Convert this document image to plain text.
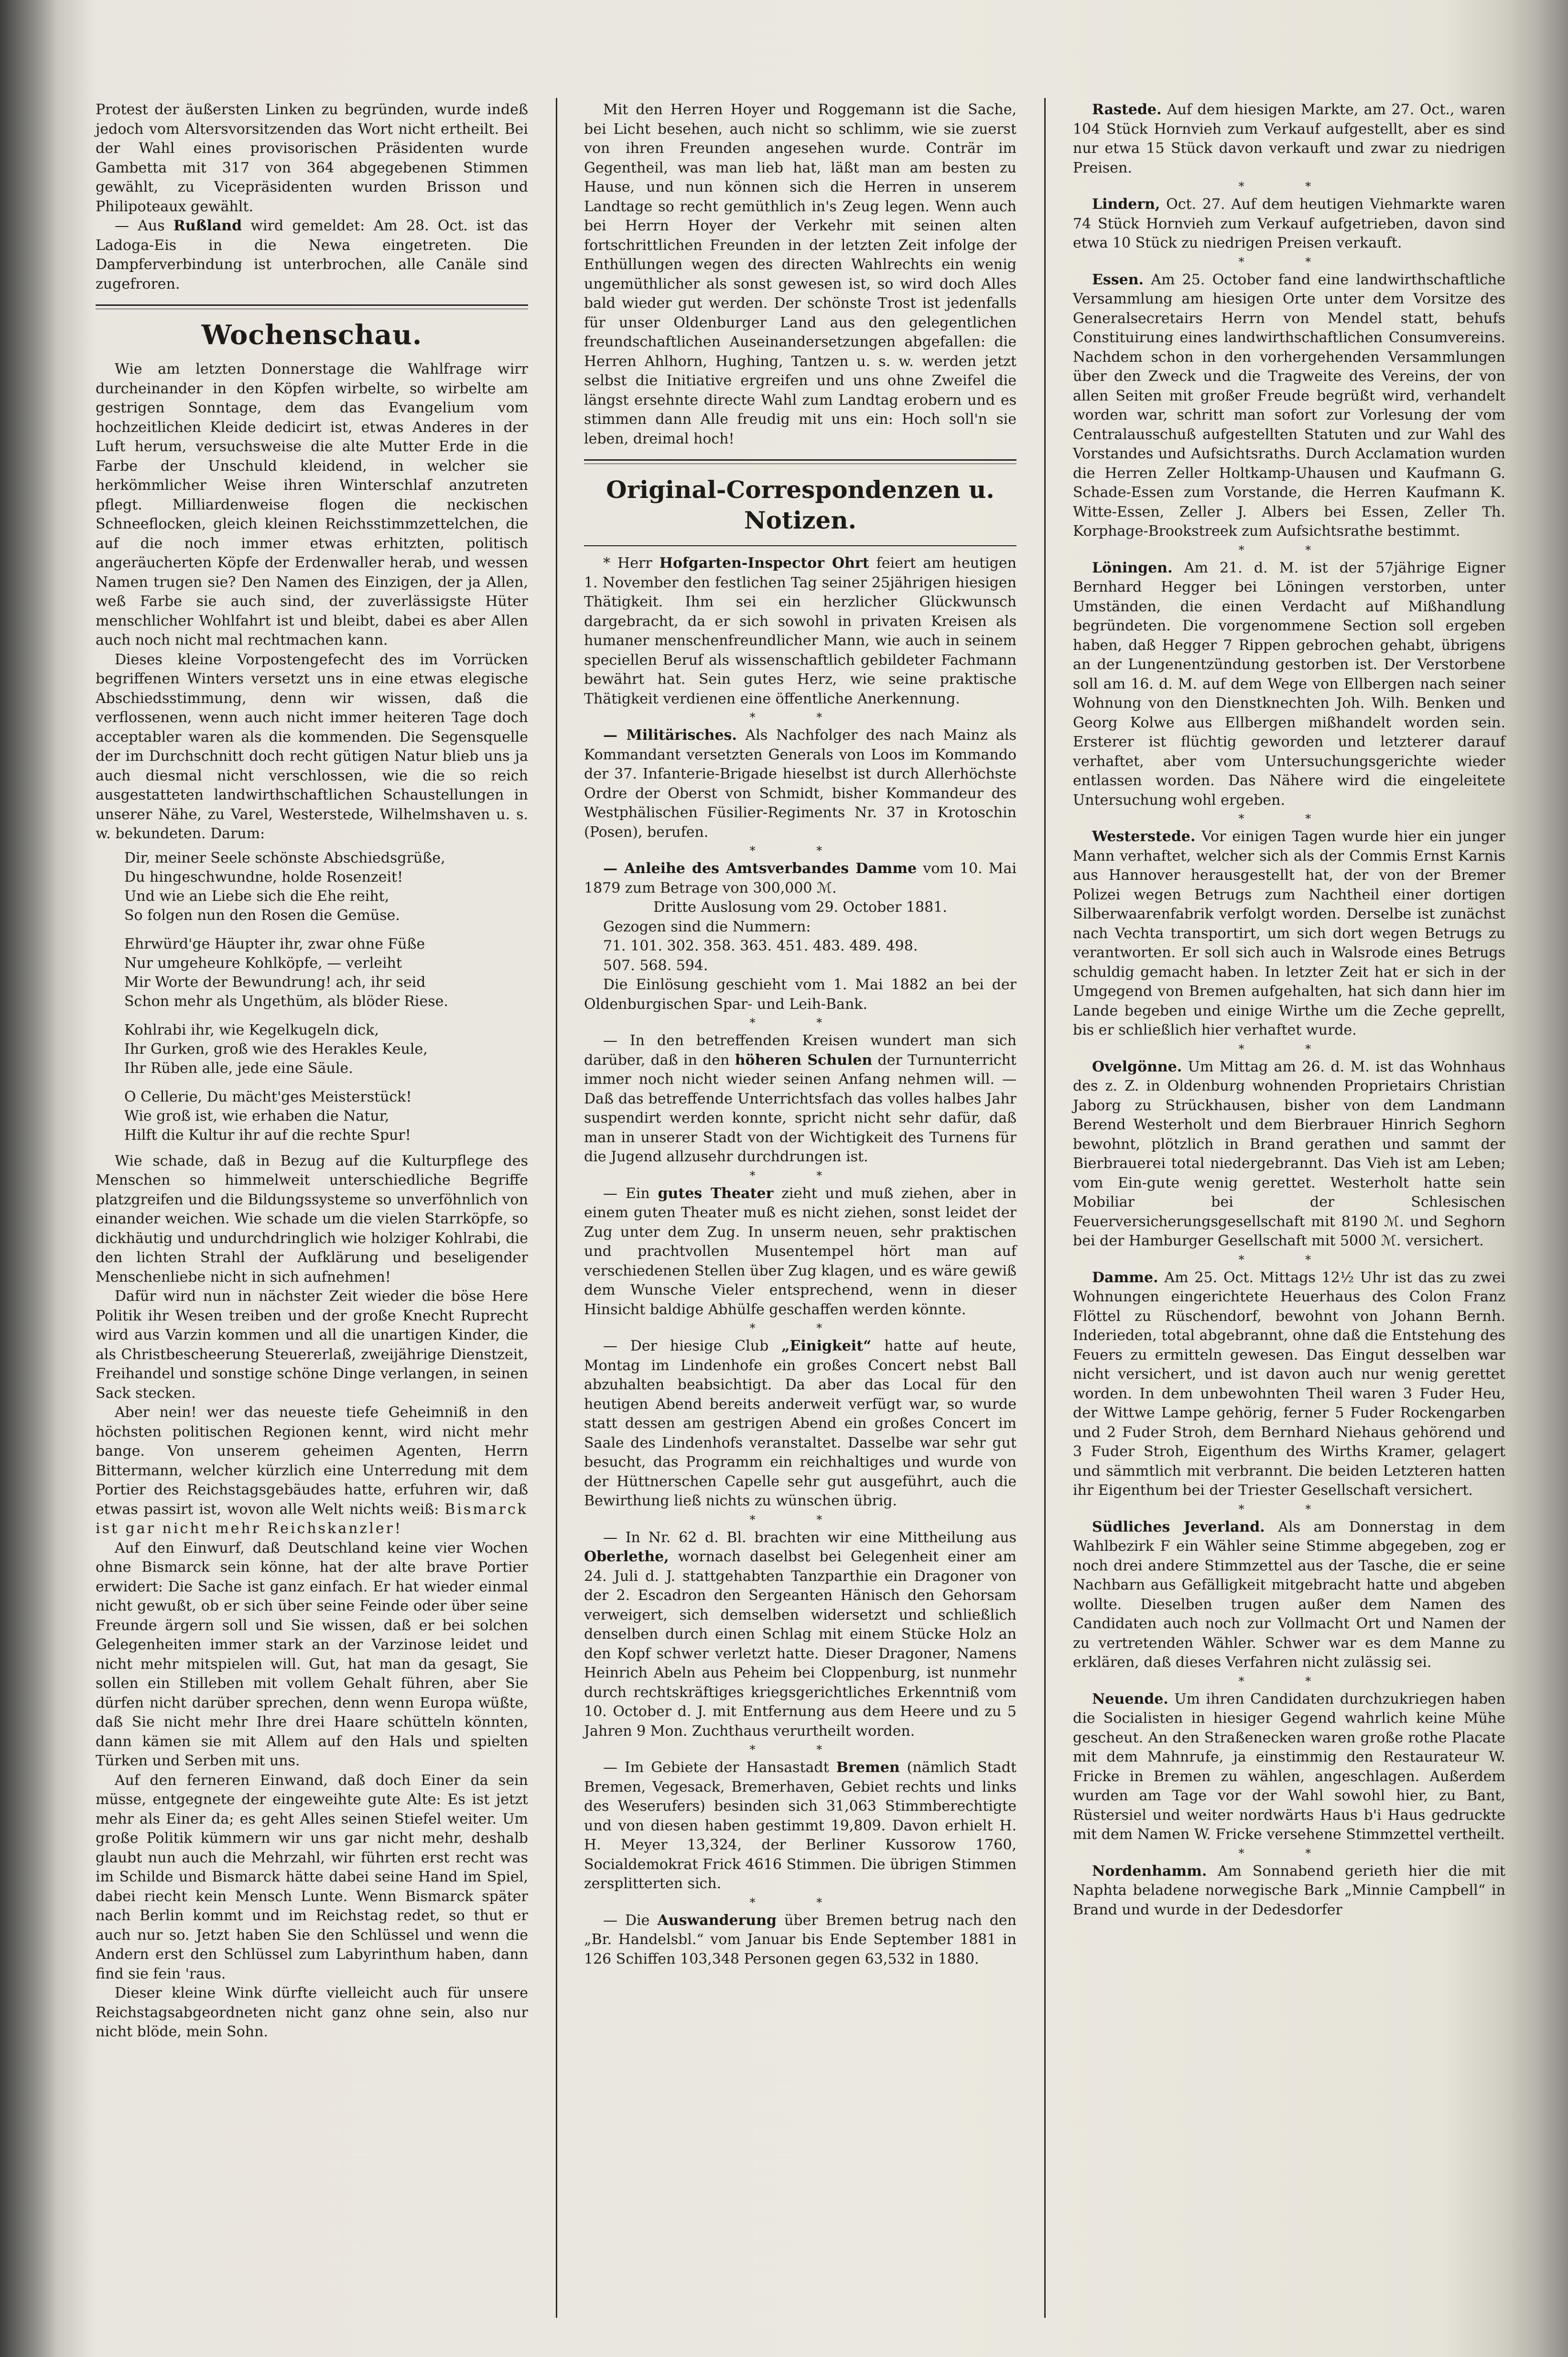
Protest der äußersten Linken zu begründen, wurde indeß jedoch vom Altersvorsitzenden das Wort nicht ertheilt. Bei der Wahl eines provisorischen Präsidenten wurde Gambetta mit 317 von 364 abgegebenen Stimmen gewählt, zu Vicepräsidenten wurden Brisson und Philipoteaux gewählt.

— Aus Rußland wird gemeldet: Am 28. Oct. ist das Ladoga-Eis in die Newa eingetreten. Die Dampferverbindung ist unterbrochen, alle Canäle sind zugefroren.

Wochenschau.

Wie am letzten Donnerstage die Wahlfrage wirr durcheinander in den Köpfen wirbelte, so wirbelte am gestrigen Sonntage, dem das Evangelium vom hochzeitlichen Kleide dedicirt ist, etwas Anderes in der Luft herum, versuchsweise die alte Mutter Erde in die Farbe der Unschuld kleidend, in welcher sie herkömmlicher Weise ihren Winterschlaf anzutreten pflegt. Milliardenweise flogen die neckischen Schneeflocken, gleich kleinen Reichsstimmzettelchen, die auf die noch immer etwas erhitzten, politisch angeräucherten Köpfe der Erdenwaller herab, und wessen Namen trugen sie? Den Namen des Einzigen, der ja Allen, weß Farbe sie auch sind, der zuverlässigste Hüter menschlicher Wohlfahrt ist und bleibt, dabei es aber Allen auch noch nicht mal rechtmachen kann.

Dieses kleine Vorpostengefecht des im Vorrücken begriffenen Winters versetzt uns in eine etwas elegische Abschiedsstimmung, denn wir wissen, daß die verflossenen, wenn auch nicht immer heiteren Tage doch acceptabler waren als die kommenden. Die Segensquelle der im Durchschnitt doch recht gütigen Natur blieb uns ja auch diesmal nicht verschlossen, wie die so reich ausgestatteten landwirthschaftlichen Schaustellungen in unserer Nähe, zu Varel, Westerstede, Wilhelmshaven u. s. w. bekundeten. Darum:

Dir, meiner Seele schönste Abschiedsgrüße,
Du hingeschwundne, holde Rosenzeit!
Und wie an Liebe sich die Ehe reiht,
So folgen nun den Rosen die Gemüse.
Ehrwürd'ge Häupter ihr, zwar ohne Füße
Nur umgeheure Kohlköpfe, — verleiht
Mir Worte der Bewundrung! ach, ihr seid
Schon mehr als Ungethüm, als blöder Riese.
Kohlrabi ihr, wie Kegelkugeln dick,
Ihr Gurken, groß wie des Herakles Keule,
Ihr Rüben alle, jede eine Säule.
O Cellerie, Du mächt'ges Meisterstück!
Wie groß ist, wie erhaben die Natur,
Hilft die Kultur ihr auf die rechte Spur!

Wie schade, daß in Bezug auf die Kulturpflege des Menschen so himmelweit unterschiedliche Begriffe platzgreifen und die Bildungssysteme so unverföhnlich von einander weichen. Wie schade um die vielen Starrköpfe, so dickhäutig und undurchdringlich wie holziger Kohlrabi, die den lichten Strahl der Aufklärung und beseligender Menschenliebe nicht in sich aufnehmen!

Dafür wird nun in nächster Zeit wieder die böse Here Politik ihr Wesen treiben und der große Knecht Ruprecht wird aus Varzin kommen und all die unartigen Kinder, die als Christbescheerung Steuererlaß, zweijährige Dienstzeit, Freihandel und sonstige schöne Dinge verlangen, in seinen Sack stecken.

Aber nein! wer das neueste tiefe Geheimniß in den höchsten politischen Regionen kennt, wird nicht mehr bange. Von unserem geheimen Agenten, Herrn Bittermann, welcher kürzlich eine Unterredung mit dem Portier des Reichstagsgebäudes hatte, erfuhren wir, daß etwas passirt ist, wovon alle Welt nichts weiß: Bismarck ist gar nicht mehr Reichskanzler!

Auf den Einwurf, daß Deutschland keine vier Wochen ohne Bismarck sein könne, hat der alte brave Portier erwidert: Die Sache ist ganz einfach. Er hat wieder einmal nicht gewußt, ob er sich über seine Feinde oder über seine Freunde ärgern soll und Sie wissen, daß er bei solchen Gelegenheiten immer stark an der Varzinose leidet und nicht mehr mitspielen will. Gut, hat man da gesagt, Sie sollen ein Stilleben mit vollem Gehalt führen, aber Sie dürfen nicht darüber sprechen, denn wenn Europa wüßte, daß Sie nicht mehr Ihre drei Haare schütteln könnten, dann kämen sie mit Allem auf den Hals und spielten Türken und Serben mit uns.

Auf den ferneren Einwand, daß doch Einer da sein müsse, entgegnete der eingeweihte gute Alte: Es ist jetzt mehr als Einer da; es geht Alles seinen Stiefel weiter. Um große Politik kümmern wir uns gar nicht mehr, deshalb glaubt nun auch die Mehrzahl, wir führten erst recht was im Schilde und Bismarck hätte dabei seine Hand im Spiel, dabei riecht kein Mensch Lunte. Wenn Bismarck später nach Berlin kommt und im Reichstag redet, so thut er auch nur so. Jetzt haben Sie den Schlüssel und wenn die Andern erst den Schlüssel zum Labyrinthum haben, dann find sie fein 'raus.

Dieser kleine Wink dürfte vielleicht auch für unsere Reichstagsabgeordneten nicht ganz ohne sein, also nur nicht blöde, mein Sohn.

Mit den Herren Hoyer und Roggemann ist die Sache, bei Licht besehen, auch nicht so schlimm, wie sie zuerst von ihren Freunden angesehen wurde. Conträr im Gegentheil, was man lieb hat, läßt man am besten zu Hause, und nun können sich die Herren in unserem Landtage so recht gemüthlich in's Zeug legen. Wenn auch bei Herrn Hoyer der Verkehr mit seinen alten fortschrittlichen Freunden in der letzten Zeit infolge der Enthüllungen wegen des directen Wahlrechts ein wenig ungemüthlicher als sonst gewesen ist, so wird doch Alles bald wieder gut werden. Der schönste Trost ist jedenfalls für unser Oldenburger Land aus den gelegentlichen freundschaftlichen Auseinandersetzungen abgefallen: die Herren Ahlhorn, Hughing, Tantzen u. s. w. werden jetzt selbst die Initiative ergreifen und uns ohne Zweifel die längst ersehnte directe Wahl zum Landtag erobern und es stimmen dann Alle freudig mit uns ein: Hoch soll'n sie leben, dreimal hoch!

Original-Correspondenzen u. Notizen.

* Herr Hofgarten-Inspector Ohrt feiert am heutigen 1. November den festlichen Tag seiner 25jährigen hiesigen Thätigkeit. Ihm sei ein herzlicher Glückwunsch dargebracht, da er sich sowohl in privaten Kreisen als humaner menschenfreundlicher Mann, wie auch in seinem speciellen Beruf als wissenschaftlich gebildeter Fachmann bewährt hat. Sein gutes Herz, wie seine praktische Thätigkeit verdienen eine öffentliche Anerkennung.

* *

— Militärisches. Als Nachfolger des nach Mainz als Kommandant versetzten Generals von Loos im Kommando der 37. Infanterie-Brigade hieselbst ist durch Allerhöchste Ordre der Oberst von Schmidt, bisher Kommandeur des Westphälischen Füsilier-Regiments Nr. 37 in Krotoschin (Posen), berufen.

* *

— Anleihe des Amtsverbandes Damme vom 10. Mai 1879 zum Betrage von 300,000 ℳ.

Dritte Auslosung vom 29. October 1881.

Gezogen sind die Nummern:

71. 101. 302. 358. 363. 451. 483. 489. 498.

507. 568. 594.

Die Einlösung geschieht vom 1. Mai 1882 an bei der Oldenburgischen Spar- und Leih-Bank.

* *

— In den betreffenden Kreisen wundert man sich darüber, daß in den höheren Schulen der Turnunterricht immer noch nicht wieder seinen Anfang nehmen will. — Daß das betreffende Unterrichtsfach das volles halbes Jahr suspendirt werden konnte, spricht nicht sehr dafür, daß man in unserer Stadt von der Wichtigkeit des Turnens für die Jugend allzusehr durchdrungen ist.

* *

— Ein gutes Theater zieht und muß ziehen, aber in einem guten Theater muß es nicht ziehen, sonst leidet der Zug unter dem Zug. In unserm neuen, sehr praktischen und prachtvollen Musentempel hört man auf verschiedenen Stellen über Zug klagen, und es wäre gewiß dem Wunsche Vieler entsprechend, wenn in dieser Hinsicht baldige Abhülfe geschaffen werden könnte.

* *

— Der hiesige Club „Einigkeit“ hatte auf heute, Montag im Lindenhofe ein großes Concert nebst Ball abzuhalten beabsichtigt. Da aber das Local für den heutigen Abend bereits anderweit verfügt war, so wurde statt dessen am gestrigen Abend ein großes Concert im Saale des Lindenhofs veranstaltet. Dasselbe war sehr gut besucht, das Programm ein reichhaltiges und wurde von der Hüttnerschen Capelle sehr gut ausgeführt, auch die Bewirthung ließ nichts zu wünschen übrig.

* *

— In Nr. 62 d. Bl. brachten wir eine Mittheilung aus Oberlethe, wornach daselbst bei Gelegenheit einer am 24. Juli d. J. stattgehabten Tanzparthie ein Dragoner von der 2. Escadron den Sergeanten Hänisch den Gehorsam verweigert, sich demselben widersetzt und schließlich denselben durch einen Schlag mit einem Stücke Holz an den Kopf schwer verletzt hatte. Dieser Dragoner, Namens Heinrich Abeln aus Peheim bei Cloppenburg, ist nunmehr durch rechtskräftiges kriegsgerichtliches Erkenntniß vom 10. October d. J. mit Entfernung aus dem Heere und zu 5 Jahren 9 Mon. Zuchthaus verurtheilt worden.

* *

— Im Gebiete der Hansastadt Bremen (nämlich Stadt Bremen, Vegesack, Bremerhaven, Gebiet rechts und links des Weserufers) besinden sich 31,063 Stimmberechtigte und von diesen haben gestimmt 19,809. Davon erhielt H. H. Meyer 13,324, der Berliner Kussorow 1760, Socialdemokrat Frick 4616 Stimmen. Die übrigen Stimmen zersplitterten sich.

* *

— Die Auswanderung über Bremen betrug nach den „Br. Handelsbl.“ vom Januar bis Ende September 1881 in 126 Schiffen 103,348 Personen gegen 63,532 in 1880.

Rastede. Auf dem hiesigen Markte, am 27. Oct., waren 104 Stück Hornvieh zum Verkauf aufgestellt, aber es sind nur etwa 15 Stück davon verkauft und zwar zu niedrigen Preisen.

* *

Lindern, Oct. 27. Auf dem heutigen Viehmarkte waren 74 Stück Hornvieh zum Verkauf aufgetrieben, davon sind etwa 10 Stück zu niedrigen Preisen verkauft.

* *

Essen. Am 25. October fand eine landwirthschaftliche Versammlung am hiesigen Orte unter dem Vorsitze des Generalsecretairs Herrn von Mendel statt, behufs Constituirung eines landwirthschaftlichen Consumvereins. Nachdem schon in den vorhergehenden Versammlungen über den Zweck und die Tragweite des Vereins, der von allen Seiten mit großer Freude begrüßt wird, verhandelt worden war, schritt man sofort zur Vorlesung der vom Centralausschuß aufgestellten Statuten und zur Wahl des Vorstandes und Aufsichtsraths. Durch Acclamation wurden die Herren Zeller Holtkamp-Uhausen und Kaufmann G. Schade-Essen zum Vorstande, die Herren Kaufmann K. Witte-Essen, Zeller J. Albers bei Essen, Zeller Th. Korphage-Brookstreek zum Aufsichtsrathe bestimmt.

* *

Löningen. Am 21. d. M. ist der 57jährige Eigner Bernhard Hegger bei Löningen verstorben, unter Umständen, die einen Verdacht auf Mißhandlung begründeten. Die vorgenommene Section soll ergeben haben, daß Hegger 7 Rippen gebrochen gehabt, übrigens an der Lungenentzündung gestorben ist. Der Verstorbene soll am 16. d. M. auf dem Wege von Ellbergen nach seiner Wohnung von den Dienstknechten Joh. Wilh. Benken und Georg Kolwe aus Ellbergen mißhandelt worden sein. Ersterer ist flüchtig geworden und letzterer darauf verhaftet, aber vom Untersuchungsgerichte wieder entlassen worden. Das Nähere wird die eingeleitete Untersuchung wohl ergeben.

* *

Westerstede. Vor einigen Tagen wurde hier ein junger Mann verhaftet, welcher sich als der Commis Ernst Karnis aus Hannover herausgestellt hat, der von der Bremer Polizei wegen Betrugs zum Nachtheil einer dortigen Silberwaarenfabrik verfolgt worden. Derselbe ist zunächst nach Vechta transportirt, um sich dort wegen Betrugs zu verantworten. Er soll sich auch in Walsrode eines Betrugs schuldig gemacht haben. In letzter Zeit hat er sich in der Umgegend von Bremen aufgehalten, hat sich dann hier im Lande begeben und einige Wirthe um die Zeche geprellt, bis er schließlich hier verhaftet wurde.

* *

Ovelgönne. Um Mittag am 26. d. M. ist das Wohnhaus des z. Z. in Oldenburg wohnenden Proprietairs Christian Jaborg zu Strückhausen, bisher von dem Landmann Berend Westerholt und dem Bierbrauer Hinrich Seghorn bewohnt, plötzlich in Brand gerathen und sammt der Bierbrauerei total niedergebrannt. Das Vieh ist am Leben; vom Ein-gute wenig gerettet. Westerholt hatte sein Mobiliar bei der Schlesischen Feuerversicherungsgesellschaft mit 8190 ℳ. und Seghorn bei der Hamburger Gesellschaft mit 5000 ℳ. versichert.

* *

Damme. Am 25. Oct. Mittags 12½ Uhr ist das zu zwei Wohnungen eingerichtete Heuerhaus des Colon Franz Flöttel zu Rüschendorf, bewohnt von Johann Bernh. Inderieden, total abgebrannt, ohne daß die Entstehung des Feuers zu ermitteln gewesen. Das Eingut desselben war nicht versichert, und ist davon auch nur wenig gerettet worden. In dem unbewohnten Theil waren 3 Fuder Heu, der Wittwe Lampe gehörig, ferner 5 Fuder Rockengarben und 2 Fuder Stroh, dem Bernhard Niehaus gehörend und 3 Fuder Stroh, Eigenthum des Wirths Kramer, gelagert und sämmtlich mit verbrannt. Die beiden Letzteren hatten ihr Eigenthum bei der Triester Gesellschaft versichert.

* *

Südliches Jeverland. Als am Donnerstag in dem Wahlbezirk F ein Wähler seine Stimme abgegeben, zog er noch drei andere Stimmzettel aus der Tasche, die er seine Nachbarn aus Gefälligkeit mitgebracht hatte und abgeben wollte. Dieselben trugen außer dem Namen des Candidaten auch noch zur Vollmacht Ort und Namen der zu vertretenden Wähler. Schwer war es dem Manne zu erklären, daß dieses Verfahren nicht zulässig sei.

* *

Neuende. Um ihren Candidaten durchzukriegen haben die Socialisten in hiesiger Gegend wahrlich keine Mühe gescheut. An den Straßenecken waren große rothe Placate mit dem Mahnrufe, ja einstimmig den Restaurateur W. Fricke in Bremen zu wählen, angeschlagen. Außerdem wurden am Tage vor der Wahl sowohl hier, zu Bant, Rüstersiel und weiter nordwärts Haus b'i Haus gedruckte mit dem Namen W. Fricke versehene Stimmzettel vertheilt.

* *

Nordenhamm. Am Sonnabend gerieth hier die mit Naphta beladene norwegische Bark „Minnie Campbell“ in Brand und wurde in der Dedesdorfer
